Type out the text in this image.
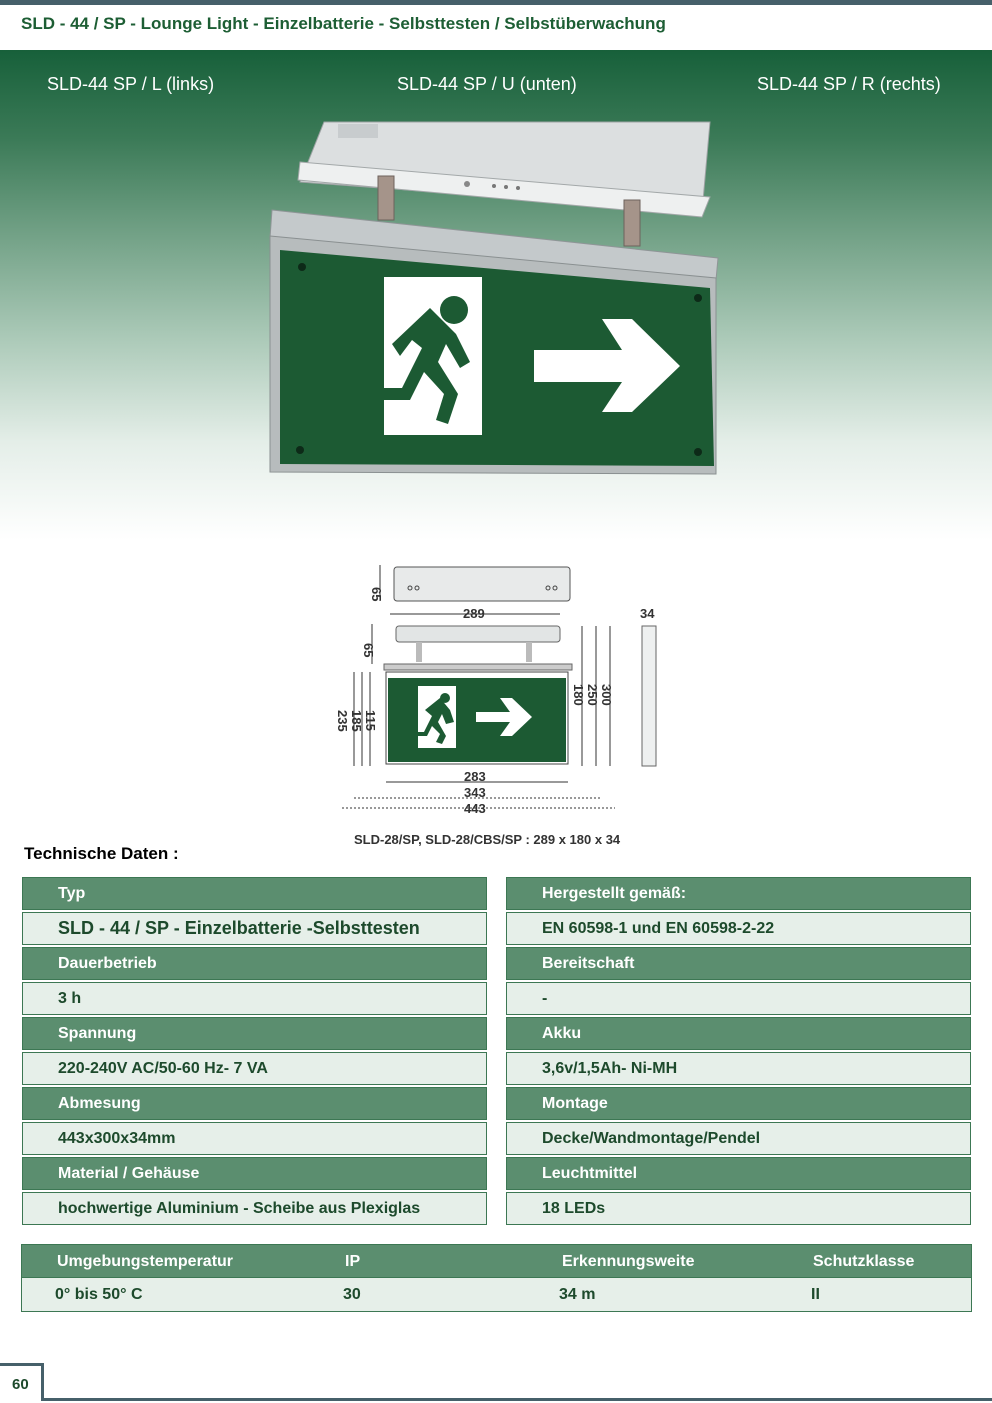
SLD - 44 / SP - Lounge Light - Einzelbatterie - Selbsttesten / Selbstüberwachung
SLD-44 SP / L (links)	SLD-44 SP / U (unten)	SLD-44 SP / R (rechts)
65
289	34
65
235 185 115
180 250 300
283
343
443
SLD-28/SP, SLD-28/CBS/SP : 289 x 180 x 34
Technische Daten :
Typ
SLD - 44 / SP - Einzelbatterie -Selbsttesten
Dauerbetrieb
3 h
Spannung
220-240V AC/50-60 Hz- 7 VA
Abmesung
443x300x34mm
Material / Gehäuse
hochwertige Aluminium - Scheibe aus Plexiglas
Hergestellt gemäß:
EN 60598-1 und EN 60598-2-22
Bereitschaft
-
Akku
3,6v/1,5Ah- Ni-MH
Montage
Decke/Wandmontage/Pendel
Leuchtmittel
18 LEDs
Umgebungstemperatur	IP	Erkennungsweite	Schutzklasse
0° bis 50° C	30	34 m	II
60
